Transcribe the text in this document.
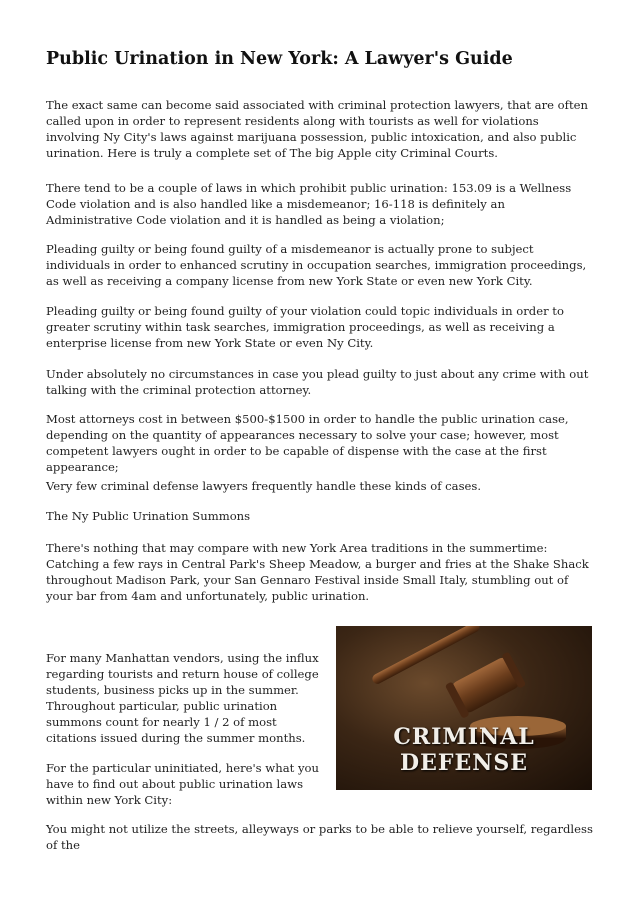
Public Urination in New York: A Lawyer's Guide

The exact same can become said associated with criminal protection lawyers, that are often called upon in order to represent residents along with tourists as well for violations involving Ny City's laws against marijuana possession, public intoxication, and also public urination. Here is truly a complete set of The big Apple city Criminal Courts.

There tend to be a couple of laws in which prohibit public urination: 153.09 is a Wellness Code violation and is also handled like a misdemeanor; 16-118 is definitely an Administrative Code violation and it is handled as being a violation;

Pleading guilty or being found guilty of a misdemeanor is actually prone to subject individuals in order to enhanced scrutiny in occupation searches, immigration proceedings, as well as receiving a company license from new York State or even new York City.

Pleading guilty or being found guilty of your violation could topic individuals in order to greater scrutiny within task searches, immigration proceedings, as well as receiving a enterprise license from new York State or even Ny City.

Under absolutely no circumstances in case you plead guilty to just about any crime with out talking with the criminal protection attorney.

Most attorneys cost in between $500-$1500 in order to handle the public urination case, depending on the quantity of appearances necessary to solve your case; however, most competent lawyers ought in order to be capable of dispense with the case at the first appearance;

Very few criminal defense lawyers frequently handle these kinds of cases.

The Ny Public Urination Summons

There's nothing that may compare with new York Area traditions in the summertime: Catching a few rays in Central Park's Sheep Meadow, a burger and fries at the Shake Shack throughout Madison Park, your San Gennaro Festival inside Small Italy, stumbling out of your bar from 4am and unfortunately, public urination.

For many Manhattan vendors, using the influx regarding tourists and return house of college students, business picks up in the summer. Throughout particular, public urination summons count for nearly 1 / 2 of most citations issued during the summer months.

For the particular uninitiated, here's what you have to find out about public urination laws within new York City:

You might not utilize the streets, alleyways or parks to be able to relieve yourself, regardless of the

CRIMINAL DEFENSE
